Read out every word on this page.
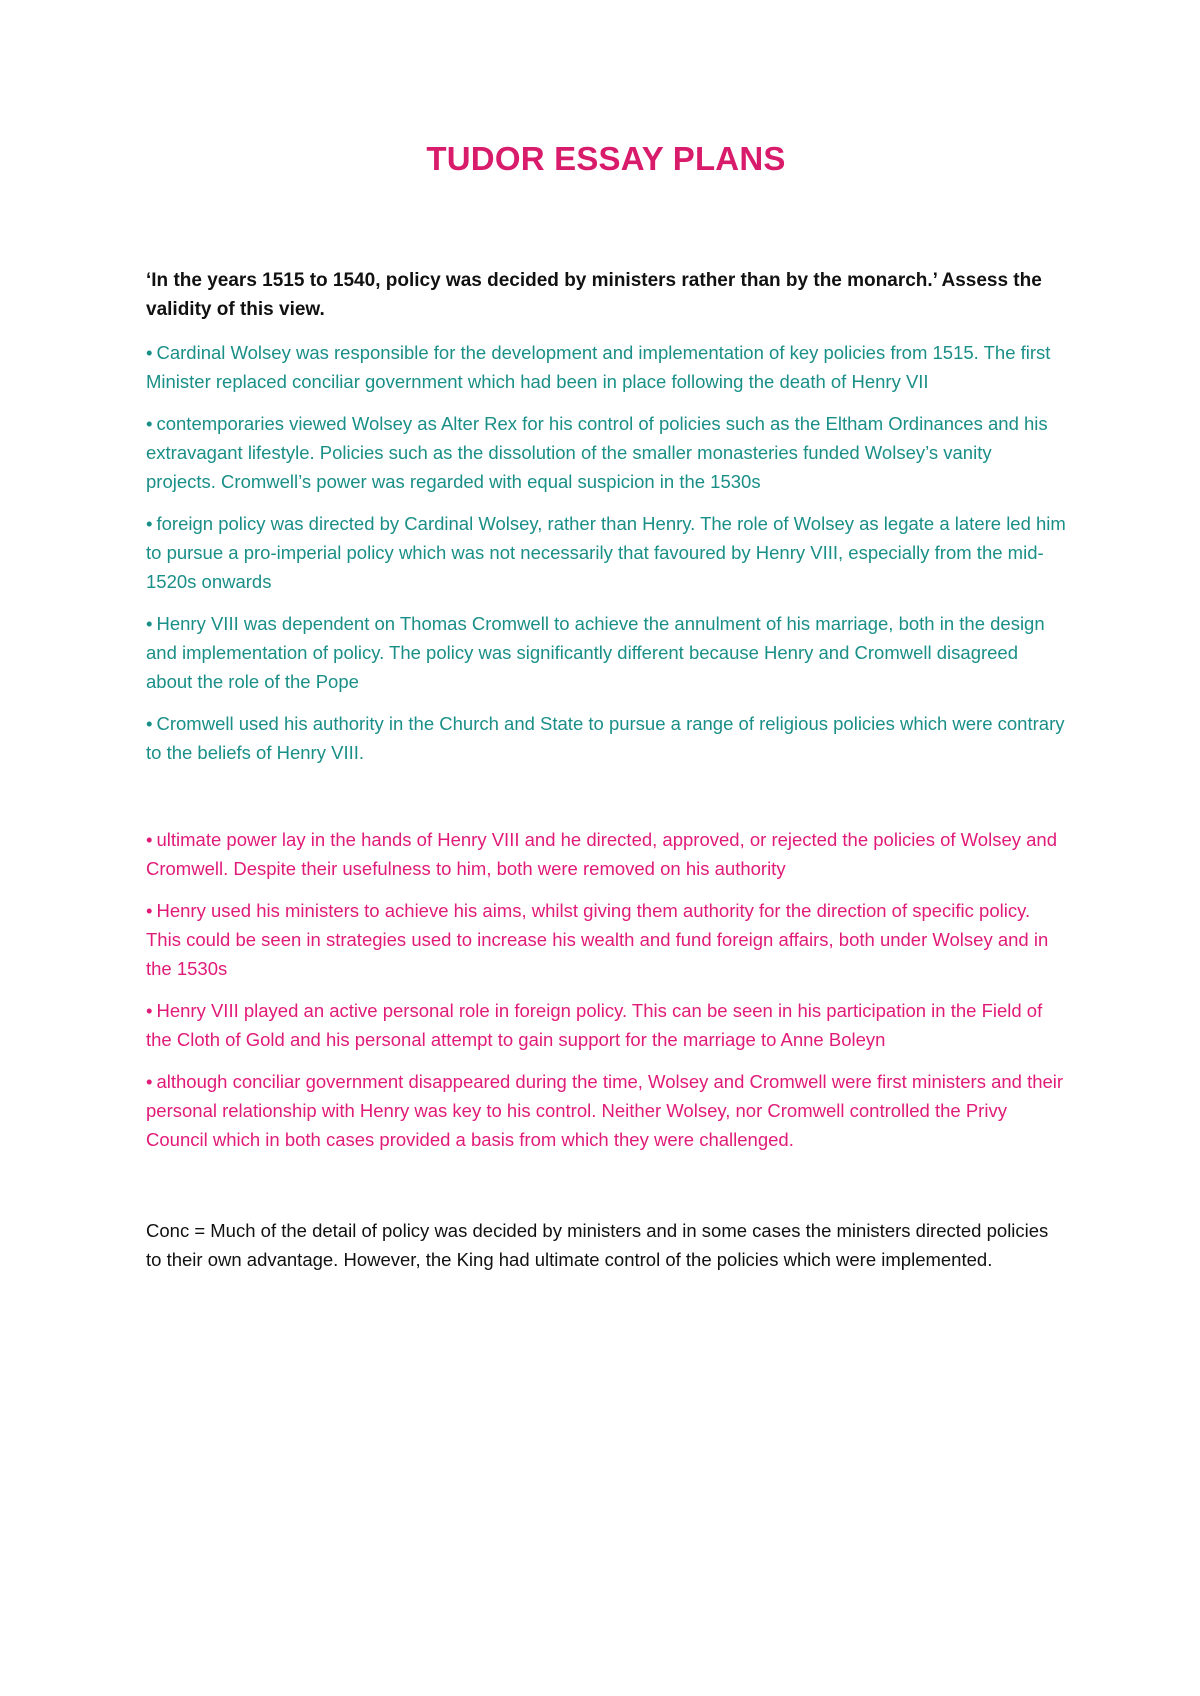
TUDOR ESSAY PLANS

‘In the years 1515 to 1540, policy was decided by ministers rather than by the monarch.’ Assess the validity of this view.

• Cardinal Wolsey was responsible for the development and implementation of key policies from 1515. The first Minister replaced conciliar government which had been in place following the death of Henry VII

• contemporaries viewed Wolsey as Alter Rex for his control of policies such as the Eltham Ordinances and his extravagant lifestyle. Policies such as the dissolution of the smaller monasteries funded Wolsey’s vanity projects. Cromwell’s power was regarded with equal suspicion in the 1530s

• foreign policy was directed by Cardinal Wolsey, rather than Henry. The role of Wolsey as legate a latere led him to pursue a pro-imperial policy which was not necessarily that favoured by Henry VIII, especially from the mid-1520s onwards

• Henry VIII was dependent on Thomas Cromwell to achieve the annulment of his marriage, both in the design and implementation of policy. The policy was significantly different because Henry and Cromwell disagreed about the role of the Pope

• Cromwell used his authority in the Church and State to pursue a range of religious policies which were contrary to the beliefs of Henry VIII.

• ultimate power lay in the hands of Henry VIII and he directed, approved, or rejected the policies of Wolsey and Cromwell. Despite their usefulness to him, both were removed on his authority

• Henry used his ministers to achieve his aims, whilst giving them authority for the direction of specific policy. This could be seen in strategies used to increase his wealth and fund foreign affairs, both under Wolsey and in the 1530s

• Henry VIII played an active personal role in foreign policy. This can be seen in his participation in the Field of the Cloth of Gold and his personal attempt to gain support for the marriage to Anne Boleyn

• although conciliar government disappeared during the time, Wolsey and Cromwell were first ministers and their personal relationship with Henry was key to his control. Neither Wolsey, nor Cromwell controlled the Privy Council which in both cases provided a basis from which they were challenged.

Conc = Much of the detail of policy was decided by ministers and in some cases the ministers directed policies to their own advantage. However, the King had ultimate control of the policies which were implemented.
